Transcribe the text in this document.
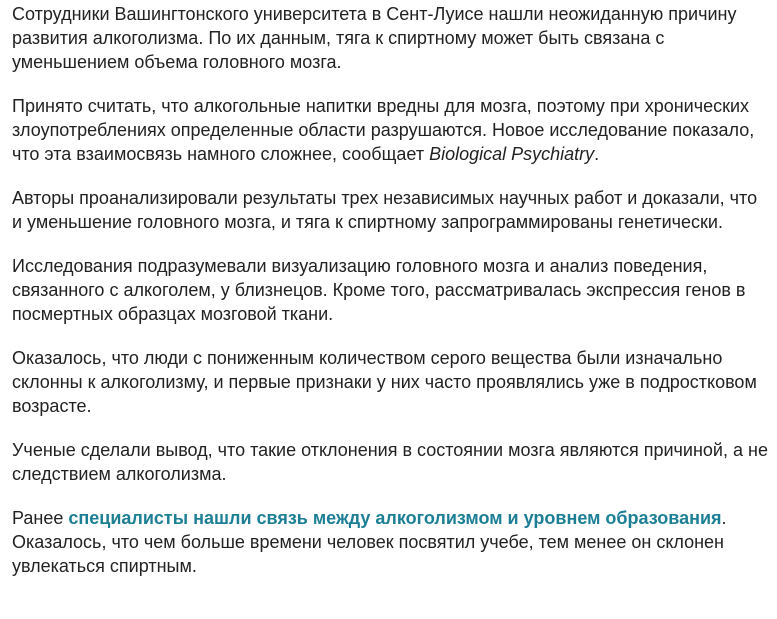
Сотрудники Вашингтонского университета в Сент-Луисе нашли неожиданную причину развития алкоголизма. По их данным, тяга к спиртному может быть связана с уменьшением объема головного мозга.

Принято считать, что алкогольные напитки вредны для мозга, поэтому при хронических злоупотреблениях определенные области разрушаются. Новое исследование показало, что эта взаимосвязь намного сложнее, сообщает Biological Psychiatry.

Авторы проанализировали результаты трех независимых научных работ и доказали, что и уменьшение головного мозга, и тяга к спиртному запрограммированы генетически.

Исследования подразумевали визуализацию головного мозга и анализ поведения, связанного с алкоголем, у близнецов. Кроме того, рассматривалась экспрессия генов в посмертных образцах мозговой ткани.

Оказалось, что люди с пониженным количеством серого вещества были изначально склонны к алкоголизму, и первые признаки у них часто проявлялись уже в подростковом возрасте.

Ученые сделали вывод, что такие отклонения в состоянии мозга являются причиной, а не следствием алкоголизма.

Ранее специалисты нашли связь между алкоголизмом и уровнем образования. Оказалось, что чем больше времени человек посвятил учебе, тем менее он склонен увлекаться спиртным.
